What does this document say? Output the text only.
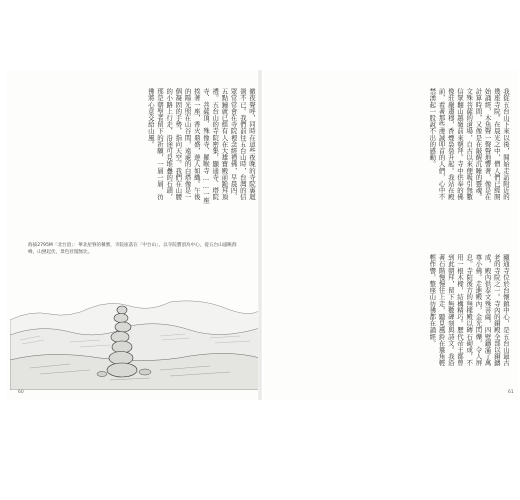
徹夜聲呼，同時在這些夜晚的寺院裏迴盪不已。我們前往五台山時，台灣的信眾常常會在寺院裡念經禮佛，早晨四、五點鐘就已經有人在大雄寶殿前跪拜頂禮。五台山的寺院密集，顯通寺、塔院寺、菩薩頂、殊像寺、羅睺寺……一座挨著一座，香火鼎盛，遊人如織。午後的陽光照在山谷間，遠處的白塔像是一個凝固的手勢，指向天空。我們在山腰的小路上行走，沿途可見堆疊的石頭，那是朝聖者留下的祈願，一層一層，彷彿將心意交給山風。
海拔2795M「北台頂」：華北屋脊的稱號，寺院座落在「中台山」、以寺院寶頂為中心，從五台山遠眺群峰，山巒起伏，景色壯闊無比。
60
我從五台山下來以後，開始走訪附近的幾座寺院。在晨光之中，僧人們已經開始誦經，木魚聲一聲聲地響著，像是在計算時間，又像是在敲醒沉睡的靈魂。文殊菩薩的道場，自古以來便吸引無數信眾翻山越嶺前來朝拜。寺中供奉的佛像莊嚴肅穆，香煙裊裊升起。我站在殿前，看著那些虔誠叩首的人們，心中不禁湧起一股說不出的感動。
顯通寺位於台懷鎮中心，是五台山最古老的寺院之一。寺內的銅殿全部以銅鑄成，殿內供奉文殊菩薩，四壁鑄滿了萬尊小佛。走進殿內，金光閃爍，令人屏息。寺院後方的無樑殿以磚石砌成，不用一根木樑，結構精巧。歷代帝王都曾到此朝拜，留下無數碑刻與詩文。我沿著石階慢慢往上走，聽見風鈴在簷角輕輕作響，整座山彷彿都在誦經。
61
